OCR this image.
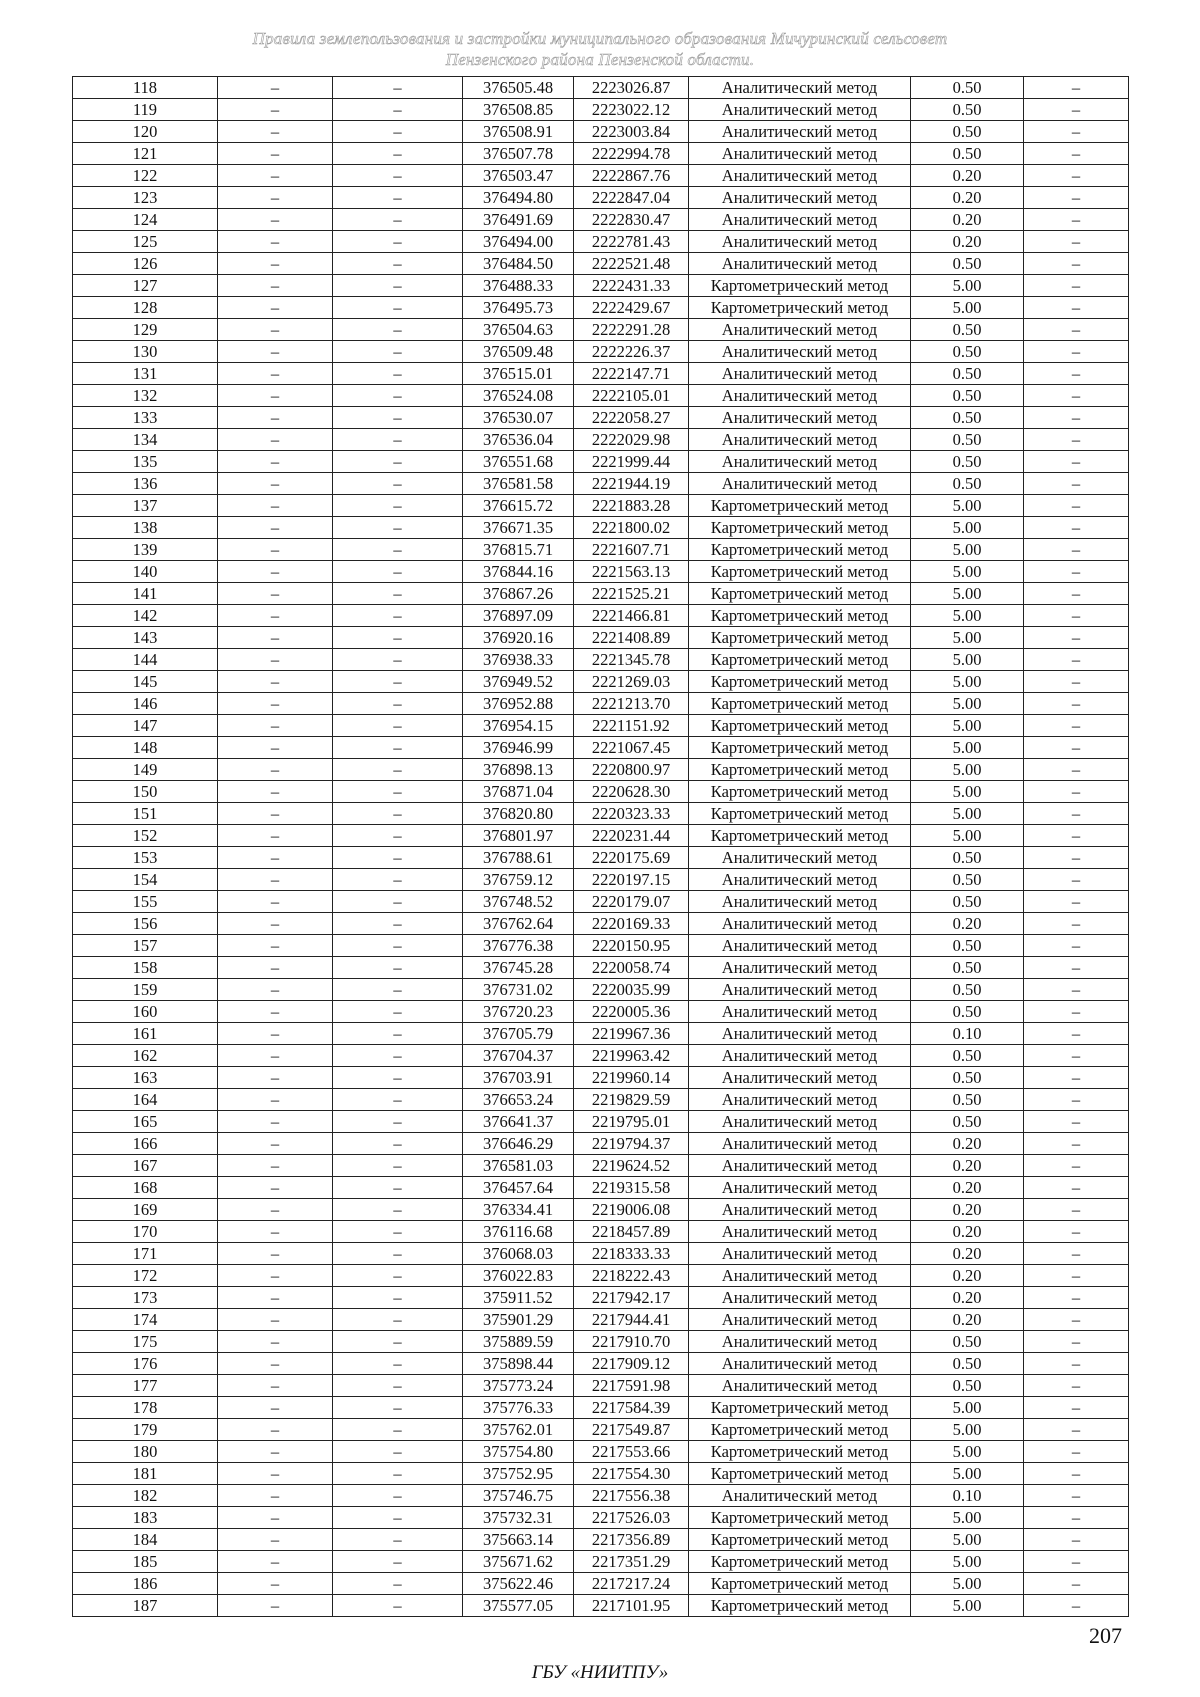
Правила землепользования и застройки муниципального образования Мичуринский сельсовет
Пензенского района Пензенской области.
118	–	–	376505.48	2223026.87	Аналитический метод	0.50	–
119	–	–	376508.85	2223022.12	Аналитический метод	0.50	–
120	–	–	376508.91	2223003.84	Аналитический метод	0.50	–
121	–	–	376507.78	2222994.78	Аналитический метод	0.50	–
122	–	–	376503.47	2222867.76	Аналитический метод	0.20	–
123	–	–	376494.80	2222847.04	Аналитический метод	0.20	–
124	–	–	376491.69	2222830.47	Аналитический метод	0.20	–
125	–	–	376494.00	2222781.43	Аналитический метод	0.20	–
126	–	–	376484.50	2222521.48	Аналитический метод	0.50	–
127	–	–	376488.33	2222431.33	Картометрический метод	5.00	–
128	–	–	376495.73	2222429.67	Картометрический метод	5.00	–
129	–	–	376504.63	2222291.28	Аналитический метод	0.50	–
130	–	–	376509.48	2222226.37	Аналитический метод	0.50	–
131	–	–	376515.01	2222147.71	Аналитический метод	0.50	–
132	–	–	376524.08	2222105.01	Аналитический метод	0.50	–
133	–	–	376530.07	2222058.27	Аналитический метод	0.50	–
134	–	–	376536.04	2222029.98	Аналитический метод	0.50	–
135	–	–	376551.68	2221999.44	Аналитический метод	0.50	–
136	–	–	376581.58	2221944.19	Аналитический метод	0.50	–
137	–	–	376615.72	2221883.28	Картометрический метод	5.00	–
138	–	–	376671.35	2221800.02	Картометрический метод	5.00	–
139	–	–	376815.71	2221607.71	Картометрический метод	5.00	–
140	–	–	376844.16	2221563.13	Картометрический метод	5.00	–
141	–	–	376867.26	2221525.21	Картометрический метод	5.00	–
142	–	–	376897.09	2221466.81	Картометрический метод	5.00	–
143	–	–	376920.16	2221408.89	Картометрический метод	5.00	–
144	–	–	376938.33	2221345.78	Картометрический метод	5.00	–
145	–	–	376949.52	2221269.03	Картометрический метод	5.00	–
146	–	–	376952.88	2221213.70	Картометрический метод	5.00	–
147	–	–	376954.15	2221151.92	Картометрический метод	5.00	–
148	–	–	376946.99	2221067.45	Картометрический метод	5.00	–
149	–	–	376898.13	2220800.97	Картометрический метод	5.00	–
150	–	–	376871.04	2220628.30	Картометрический метод	5.00	–
151	–	–	376820.80	2220323.33	Картометрический метод	5.00	–
152	–	–	376801.97	2220231.44	Картометрический метод	5.00	–
153	–	–	376788.61	2220175.69	Аналитический метод	0.50	–
154	–	–	376759.12	2220197.15	Аналитический метод	0.50	–
155	–	–	376748.52	2220179.07	Аналитический метод	0.50	–
156	–	–	376762.64	2220169.33	Аналитический метод	0.20	–
157	–	–	376776.38	2220150.95	Аналитический метод	0.50	–
158	–	–	376745.28	2220058.74	Аналитический метод	0.50	–
159	–	–	376731.02	2220035.99	Аналитический метод	0.50	–
160	–	–	376720.23	2220005.36	Аналитический метод	0.50	–
161	–	–	376705.79	2219967.36	Аналитический метод	0.10	–
162	–	–	376704.37	2219963.42	Аналитический метод	0.50	–
163	–	–	376703.91	2219960.14	Аналитический метод	0.50	–
164	–	–	376653.24	2219829.59	Аналитический метод	0.50	–
165	–	–	376641.37	2219795.01	Аналитический метод	0.50	–
166	–	–	376646.29	2219794.37	Аналитический метод	0.20	–
167	–	–	376581.03	2219624.52	Аналитический метод	0.20	–
168	–	–	376457.64	2219315.58	Аналитический метод	0.20	–
169	–	–	376334.41	2219006.08	Аналитический метод	0.20	–
170	–	–	376116.68	2218457.89	Аналитический метод	0.20	–
171	–	–	376068.03	2218333.33	Аналитический метод	0.20	–
172	–	–	376022.83	2218222.43	Аналитический метод	0.20	–
173	–	–	375911.52	2217942.17	Аналитический метод	0.20	–
174	–	–	375901.29	2217944.41	Аналитический метод	0.20	–
175	–	–	375889.59	2217910.70	Аналитический метод	0.50	–
176	–	–	375898.44	2217909.12	Аналитический метод	0.50	–
177	–	–	375773.24	2217591.98	Аналитический метод	0.50	–
178	–	–	375776.33	2217584.39	Картометрический метод	5.00	–
179	–	–	375762.01	2217549.87	Картометрический метод	5.00	–
180	–	–	375754.80	2217553.66	Картометрический метод	5.00	–
181	–	–	375752.95	2217554.30	Картометрический метод	5.00	–
182	–	–	375746.75	2217556.38	Аналитический метод	0.10	–
183	–	–	375732.31	2217526.03	Картометрический метод	5.00	–
184	–	–	375663.14	2217356.89	Картометрический метод	5.00	–
185	–	–	375671.62	2217351.29	Картометрический метод	5.00	–
186	–	–	375622.46	2217217.24	Картометрический метод	5.00	–
187	–	–	375577.05	2217101.95	Картометрический метод	5.00	–
207
ГБУ «НИИТПУ»
